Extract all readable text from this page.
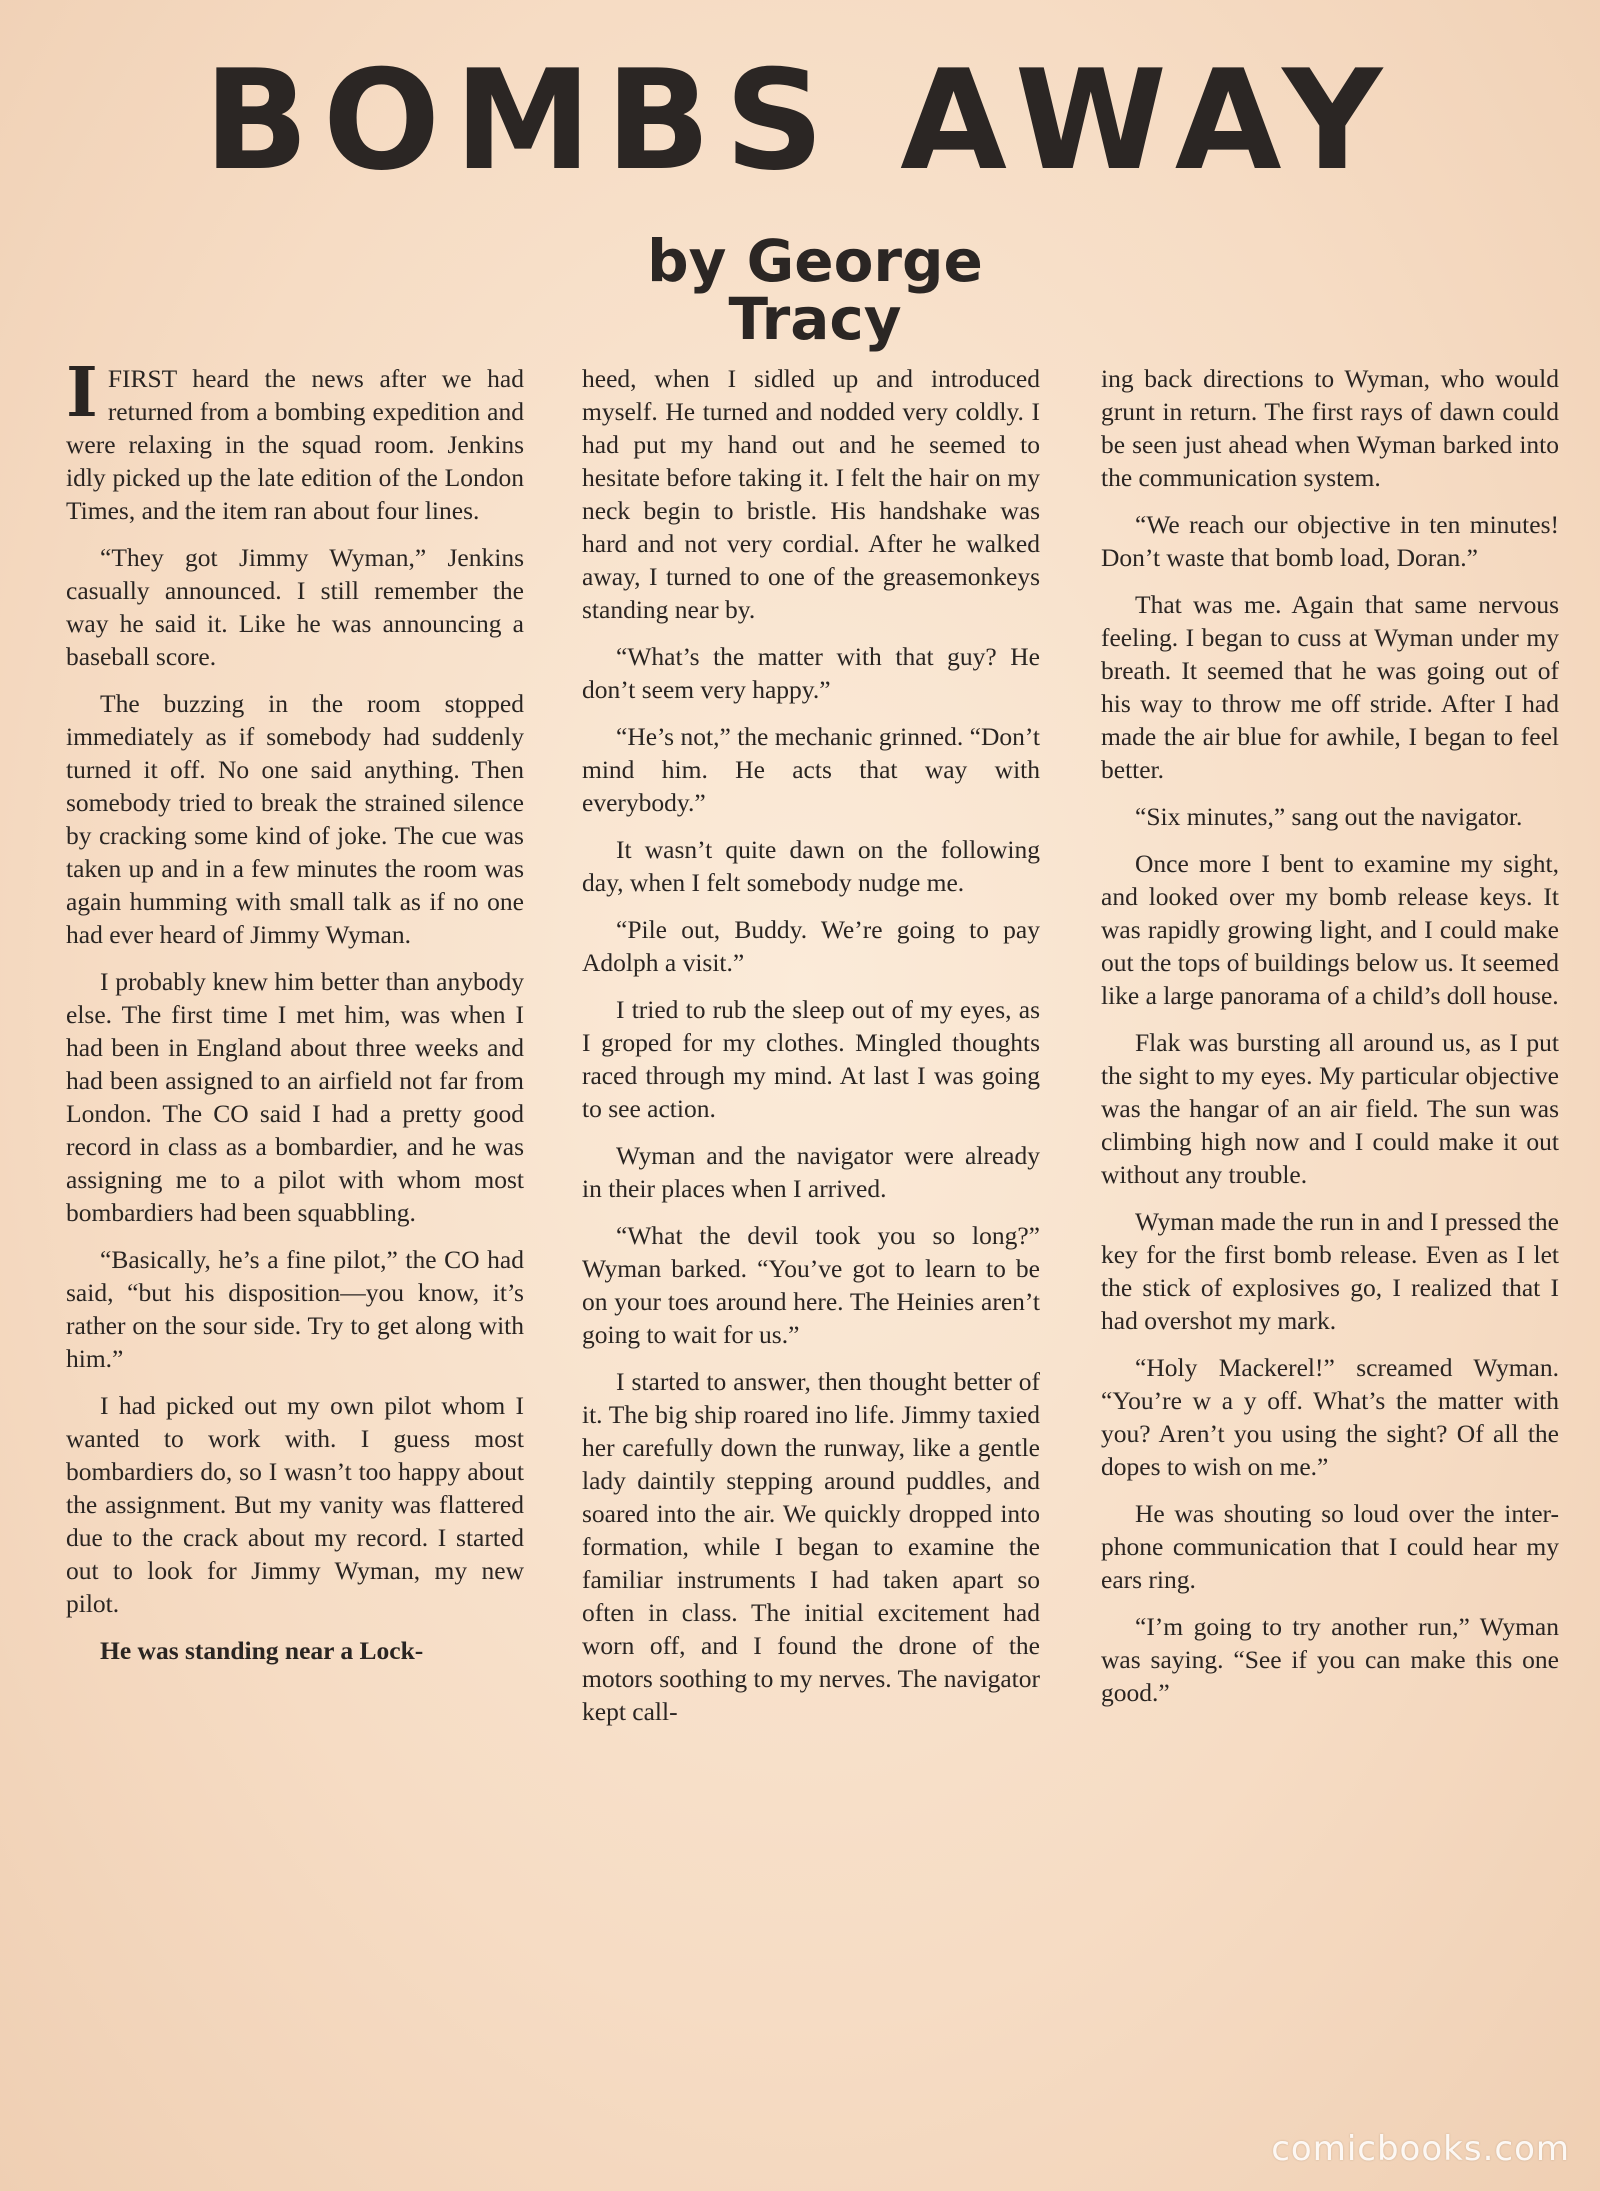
BOMBS AWAY
by George Tracy

I FIRST heard the news after we had returned from a bombing expedition and were relaxing in the squad room. Jenkins idly picked up the late edition of the London Times, and the item ran about four lines.

“They got Jimmy Wyman,” Jenkins casually announced. I still remember the way he said it. Like he was announcing a baseball score.

The buzzing in the room stopped immediately as if somebody had suddenly turned it off. No one said anything. Then somebody tried to break the strained silence by cracking some kind of joke. The cue was taken up and in a few minutes the room was again humming with small talk as if no one had ever heard of Jimmy Wyman.

I probably knew him better than anybody else. The first time I met him, was when I had been in England about three weeks and had been assigned to an airfield not far from London. The CO said I had a pretty good record in class as a bombardier, and he was assigning me to a pilot with whom most bombardiers had been squabbling.

“Basically, he’s a fine pilot,” the CO had said, “but his disposition—you know, it’s rather on the sour side. Try to get along with him.”

I had picked out my own pilot whom I wanted to work with. I guess most bombardiers do, so I wasn’t too happy about the assignment. But my vanity was flattered due to the crack about my record. I started out to look for Jimmy Wyman, my new pilot.

He was standing near a Lock-

heed, when I sidled up and introduced myself. He turned and nodded very coldly. I had put my hand out and he seemed to hesitate before taking it. I felt the hair on my neck begin to bristle. His handshake was hard and not very cordial. After he walked away, I turned to one of the greasemonkeys standing near by.

“What’s the matter with that guy? He don’t seem very happy.”

“He’s not,” the mechanic grinned. “Don’t mind him. He acts that way with everybody.”

It wasn’t quite dawn on the following day, when I felt somebody nudge me.

“Pile out, Buddy. We’re going to pay Adolph a visit.”

I tried to rub the sleep out of my eyes, as I groped for my clothes. Mingled thoughts raced through my mind. At last I was going to see action.

Wyman and the navigator were already in their places when I arrived.

“What the devil took you so long?” Wyman barked. “You’ve got to learn to be on your toes around here. The Heinies aren’t going to wait for us.”

I started to answer, then thought better of it. The big ship roared ino life. Jimmy taxied her carefully down the runway, like a gentle lady daintily stepping around puddles, and soared into the air. We quickly dropped into formation, while I began to examine the familiar instruments I had taken apart so often in class. The initial excitement had worn off, and I found the drone of the motors soothing to my nerves. The navigator kept call-

ing back directions to Wyman, who would grunt in return. The first rays of dawn could be seen just ahead when Wyman barked into the communication system.

“We reach our objective in ten minutes! Don’t waste that bomb load, Doran.”

That was me. Again that same nervous feeling. I began to cuss at Wyman under my breath. It seemed that he was going out of his way to throw me off stride. After I had made the air blue for awhile, I began to feel better.

“Six minutes,” sang out the navigator.

Once more I bent to examine my sight, and looked over my bomb release keys. It was rapidly growing light, and I could make out the tops of buildings below us. It seemed like a large panorama of a child’s doll house.

Flak was bursting all around us, as I put the sight to my eyes. My particular objective was the hangar of an air field. The sun was climbing high now and I could make it out without any trouble.

Wyman made the run in and I pressed the key for the first bomb release. Even as I let the stick of explosives go, I realized that I had overshot my mark.

“Holy Mackerel!” screamed Wyman. “You’re w a y off. What’s the matter with you? Aren’t you using the sight? Of all the dopes to wish on me.”

He was shouting so loud over the inter-phone communication that I could hear my ears ring.

“I’m going to try another run,” Wyman was saying. “See if you can make this one good.”

comicbooks.com
